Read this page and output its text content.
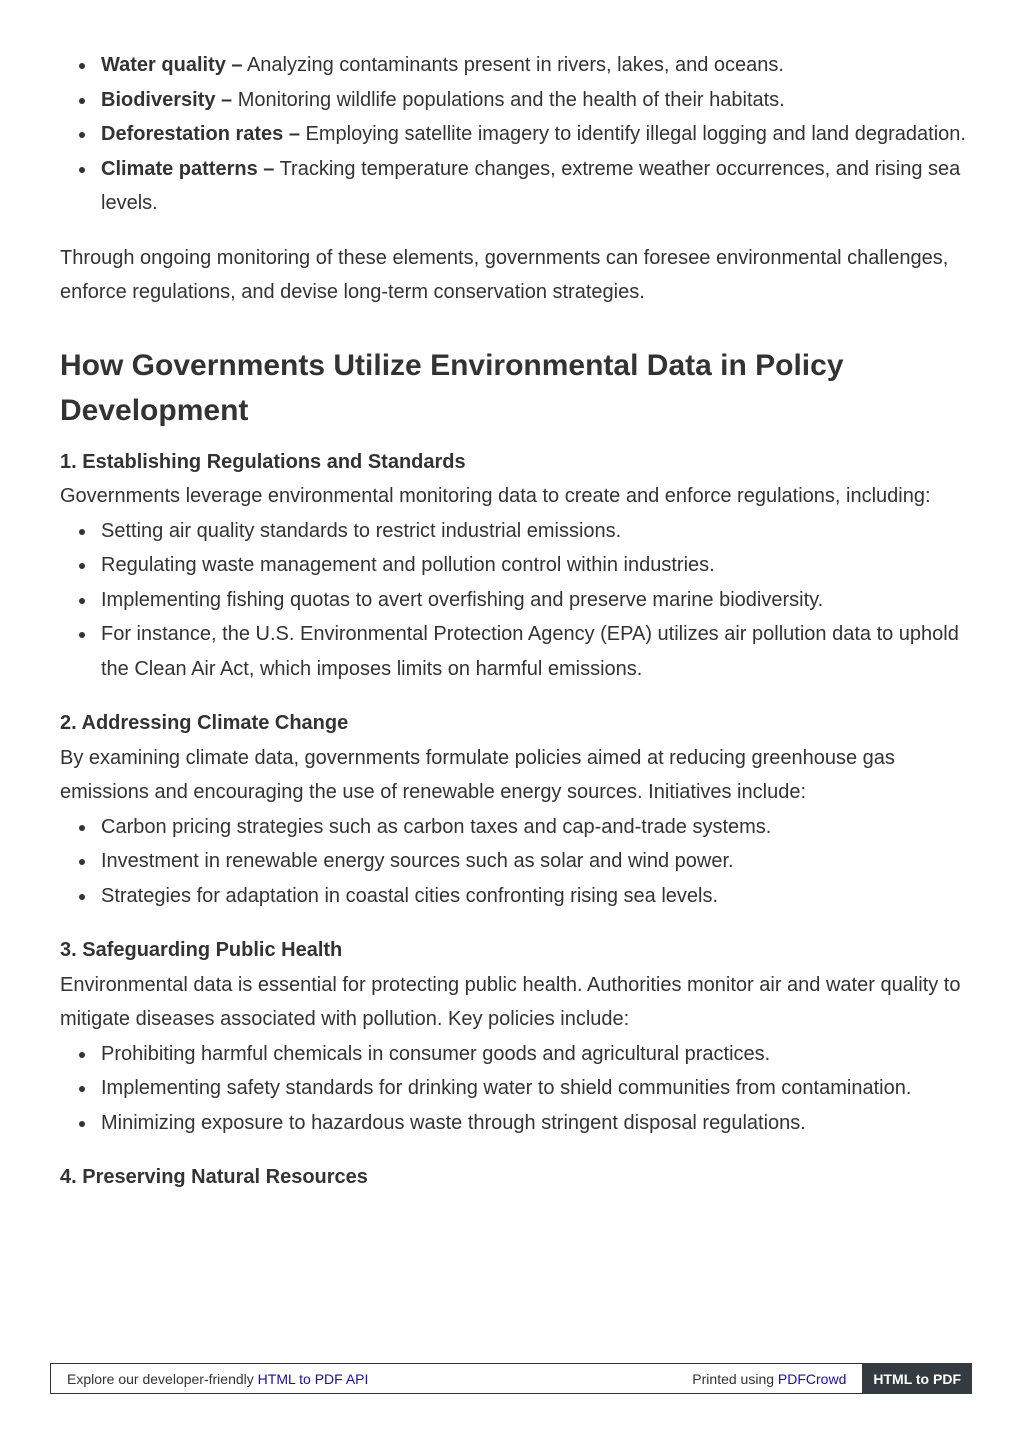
Water quality – Analyzing contaminants present in rivers, lakes, and oceans.
Biodiversity – Monitoring wildlife populations and the health of their habitats.
Deforestation rates – Employing satellite imagery to identify illegal logging and land degradation.
Climate patterns – Tracking temperature changes, extreme weather occurrences, and rising sea levels.

Through ongoing monitoring of these elements, governments can foresee environmental challenges, enforce regulations, and devise long-term conservation strategies.

How Governments Utilize Environmental Data in Policy Development
1. Establishing Regulations and Standards

Governments leverage environmental monitoring data to create and enforce regulations, including:

Setting air quality standards to restrict industrial emissions.
Regulating waste management and pollution control within industries.
Implementing fishing quotas to avert overfishing and preserve marine biodiversity.
For instance, the U.S. Environmental Protection Agency (EPA) utilizes air pollution data to uphold the Clean Air Act, which imposes limits on harmful emissions.
2. Addressing Climate Change

By examining climate data, governments formulate policies aimed at reducing greenhouse gas emissions and encouraging the use of renewable energy sources. Initiatives include:

Carbon pricing strategies such as carbon taxes and cap-and-trade systems.
Investment in renewable energy sources such as solar and wind power.
Strategies for adaptation in coastal cities confronting rising sea levels.
3. Safeguarding Public Health

Environmental data is essential for protecting public health. Authorities monitor air and water quality to mitigate diseases associated with pollution. Key policies include:

Prohibiting harmful chemicals in consumer goods and agricultural practices.
Implementing safety standards for drinking water to shield communities from contamination.
Minimizing exposure to hazardous waste through stringent disposal regulations.
4. Preserving Natural Resources
Explore our developer-friendly HTML to PDF API	Printed using PDFCrowd	HTML to PDF
